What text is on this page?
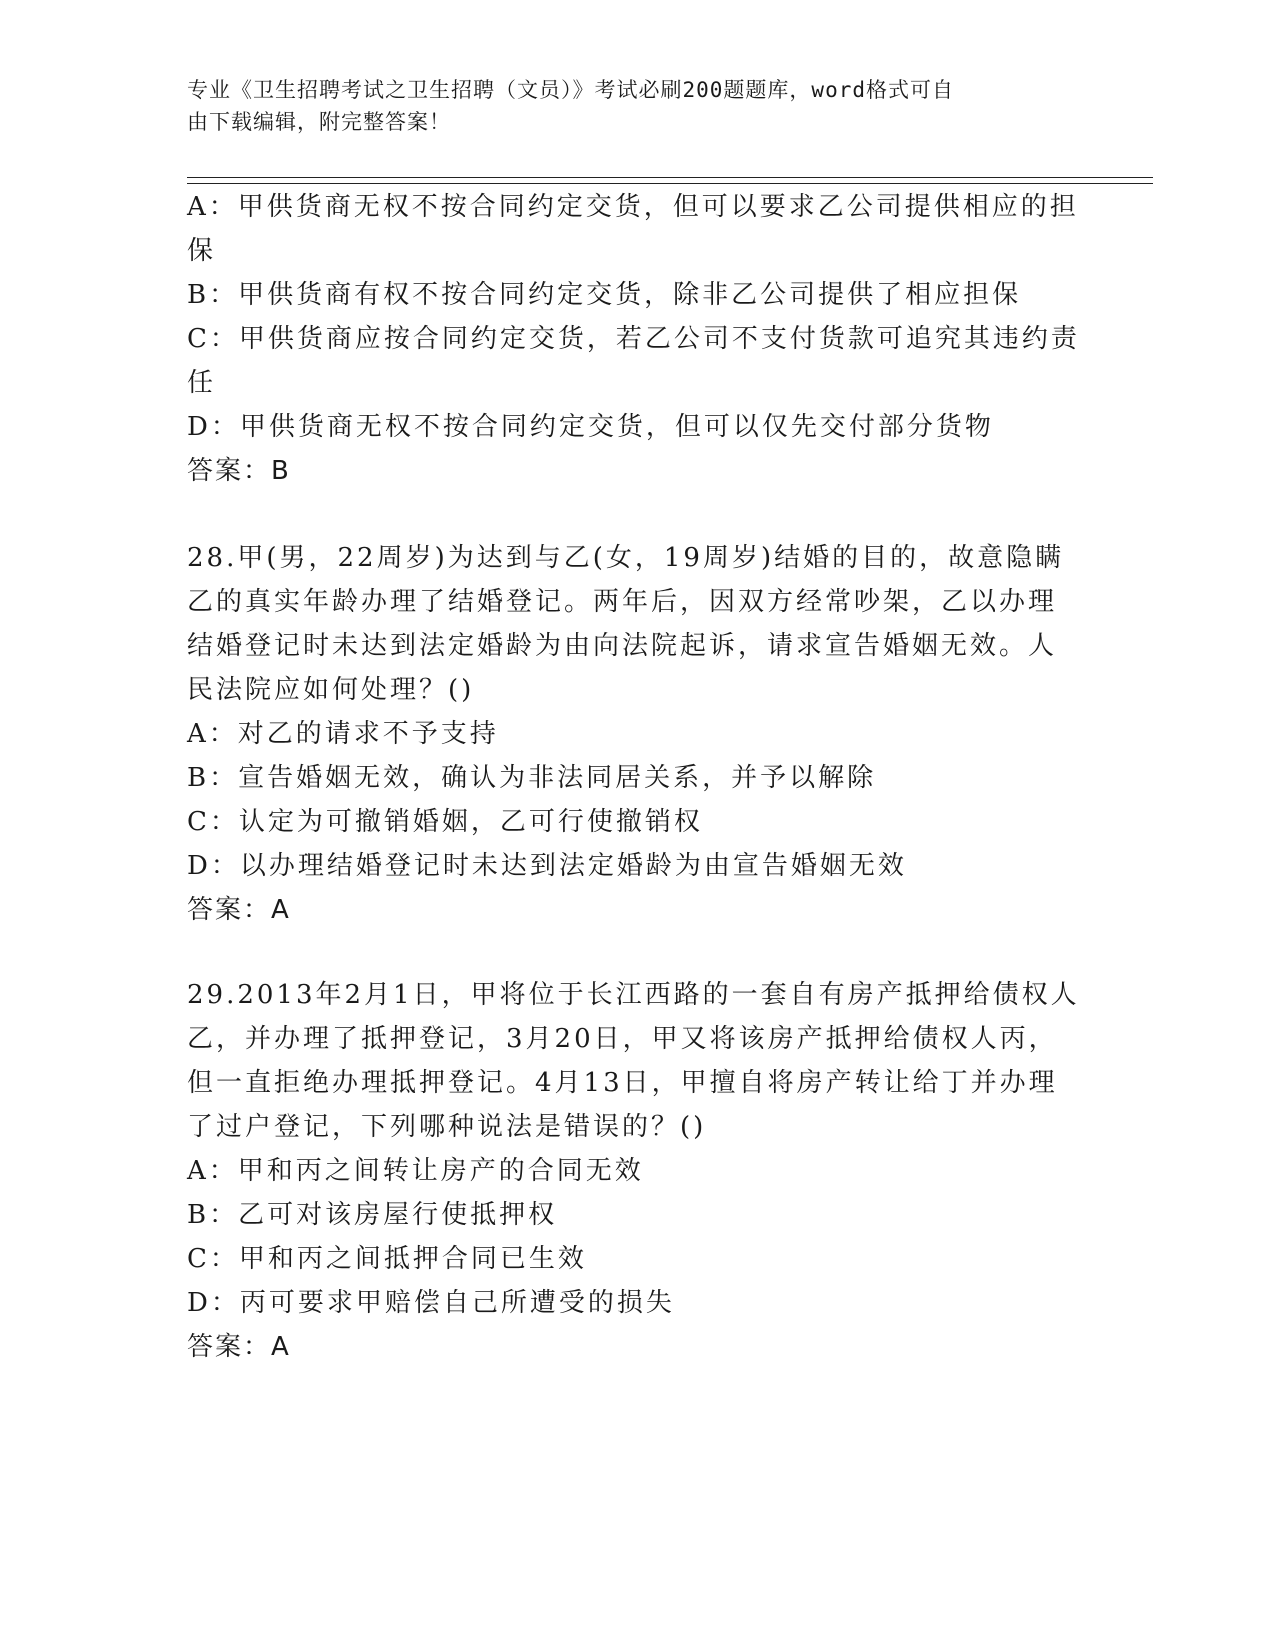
专业《卫生招聘考试之卫生招聘（文员）》考试必刷200题题库，word格式可自
由下载编辑，附完整答案！
A：甲供货商无权不按合同约定交货，但可以要求乙公司提供相应的担
保
B：甲供货商有权不按合同约定交货，除非乙公司提供了相应担保
C：甲供货商应按合同约定交货，若乙公司不支付货款可追究其违约责
任
D：甲供货商无权不按合同约定交货，但可以仅先交付部分货物
答案：B
28.甲(男，22周岁)为达到与乙(女，19周岁)结婚的目的，故意隐瞒
乙的真实年龄办理了结婚登记。两年后，因双方经常吵架，乙以办理
结婚登记时未达到法定婚龄为由向法院起诉，请求宣告婚姻无效。人
民法院应如何处理？()
A：对乙的请求不予支持
B：宣告婚姻无效，确认为非法同居关系，并予以解除
C：认定为可撤销婚姻，乙可行使撤销权
D：以办理结婚登记时未达到法定婚龄为由宣告婚姻无效
答案：A
29.2013年2月1日，甲将位于长江西路的一套自有房产抵押给债权人
乙，并办理了抵押登记，3月20日，甲又将该房产抵押给债权人丙，
但一直拒绝办理抵押登记。4月13日，甲擅自将房产转让给丁并办理
了过户登记，下列哪种说法是错误的？()
A：甲和丙之间转让房产的合同无效
B：乙可对该房屋行使抵押权
C：甲和丙之间抵押合同已生效
D：丙可要求甲赔偿自己所遭受的损失
答案：A
